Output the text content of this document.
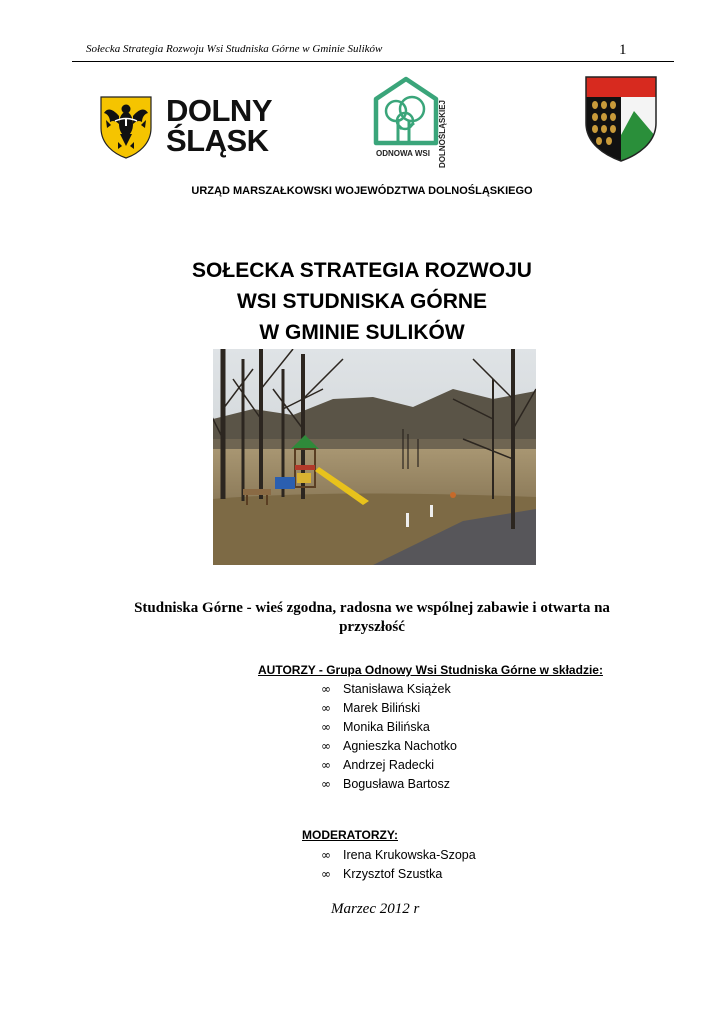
Sołecka Strategia Rozwoju Wsi Studniska Górne w Gminie Sulików	1
DOLNY
ŚLĄSK	ODNOWA WSI DOLNOŚLĄSKIEJ
URZĄD MARSZAŁKOWSKI WOJEWÓDZTWA DOLNOŚLĄSKIEGO
SOŁECKA STRATEGIA ROZWOJU
WSI STUDNISKA GÓRNE
W GMINIE SULIKÓW
Studniska Górne - wieś zgodna, radosna we wspólnej zabawie i otwarta na
przyszłość
AUTORZY - Grupa Odnowy Wsi Studniska Górne w składzie:
∞ Stanisława Książek
∞ Marek Biliński
∞ Monika Bilińska
∞ Agnieszka Nachotko
∞ Andrzej Radecki
∞ Bogusława Bartosz
MODERATORZY:
∞ Irena Krukowska-Szopa
∞ Krzysztof Szustka
Marzec 2012 r
